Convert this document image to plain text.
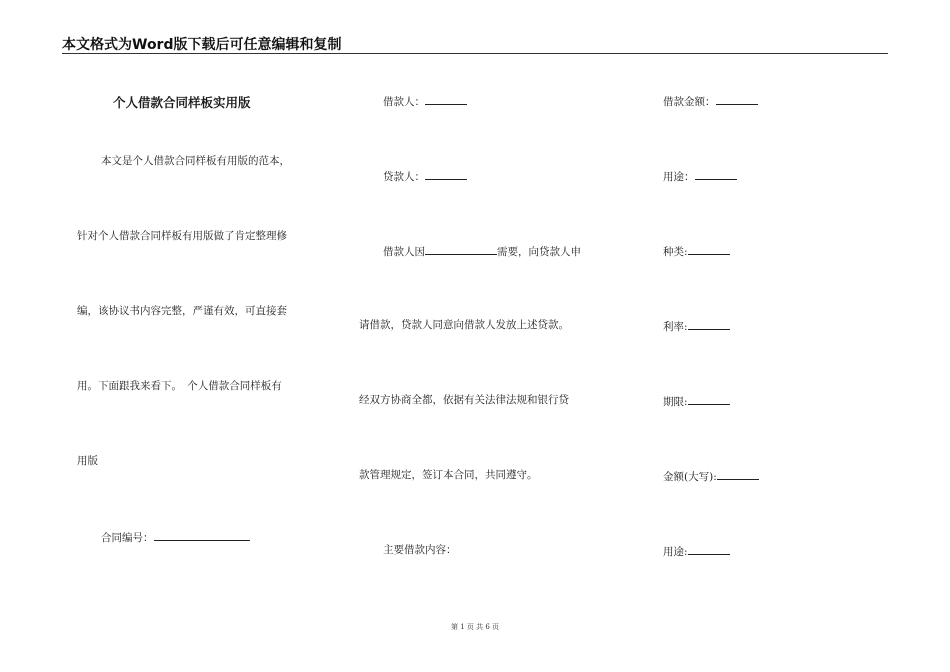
本文格式为Word版下载后可任意编辑和复制
个人借款合同样板实用版
本文是个人借款合同样板有用版的范本，
针对个人借款合同样板有用版做了肯定整理修
编，该协议书内容完整，严谨有效，可直接套
用。下面跟我来看下。　个人借款合同样板有
用版
合同编号：
借款人：
贷款人：
借款人因	需要，向贷款人申
请借款，贷款人同意向借款人发放上述贷款。
经双方协商全都，依据有关法律法规和银行贷
款管理规定，签订本合同，共同遵守。
主要借款内容：
借款金额：
用途：
种类:
利率:
期限:
金额(大写):
用途:
第 1 页 共 6 页
